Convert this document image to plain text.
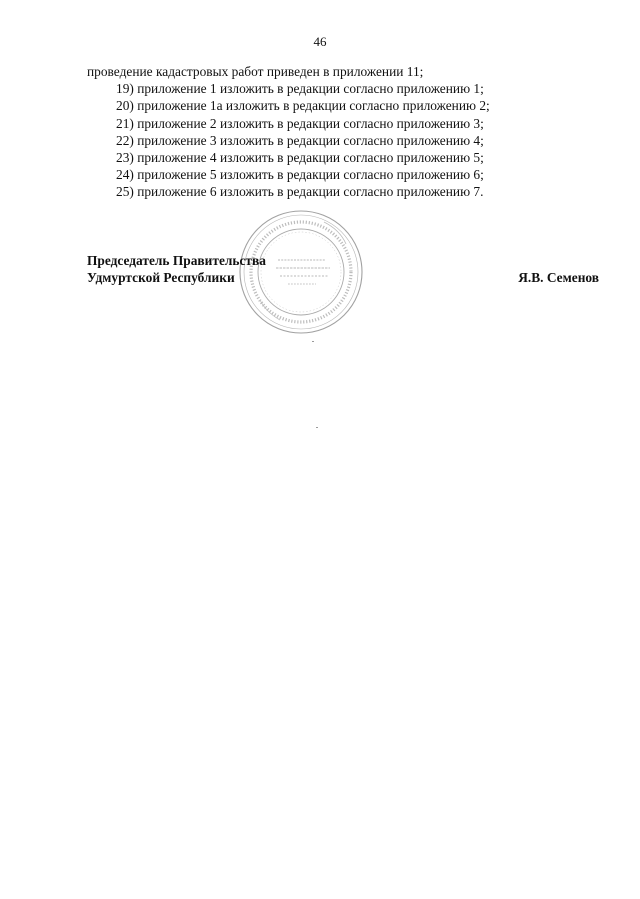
46
проведение кадастровых работ приведен в приложении 11;
19) приложение 1 изложить в редакции согласно приложению 1;
20) приложение 1а изложить в редакции согласно приложению 2;
21) приложение 2 изложить в редакции согласно приложению 3;
22) приложение 3 изложить в редакции согласно приложению 4;
23) приложение 4 изложить в редакции согласно приложению 5;
24) приложение 5 изложить в редакции согласно приложению 6;
25) приложение 6 изложить в редакции согласно приложению 7.
Председатель Правительства
Удмуртской Республики	Я.В. Семенов
